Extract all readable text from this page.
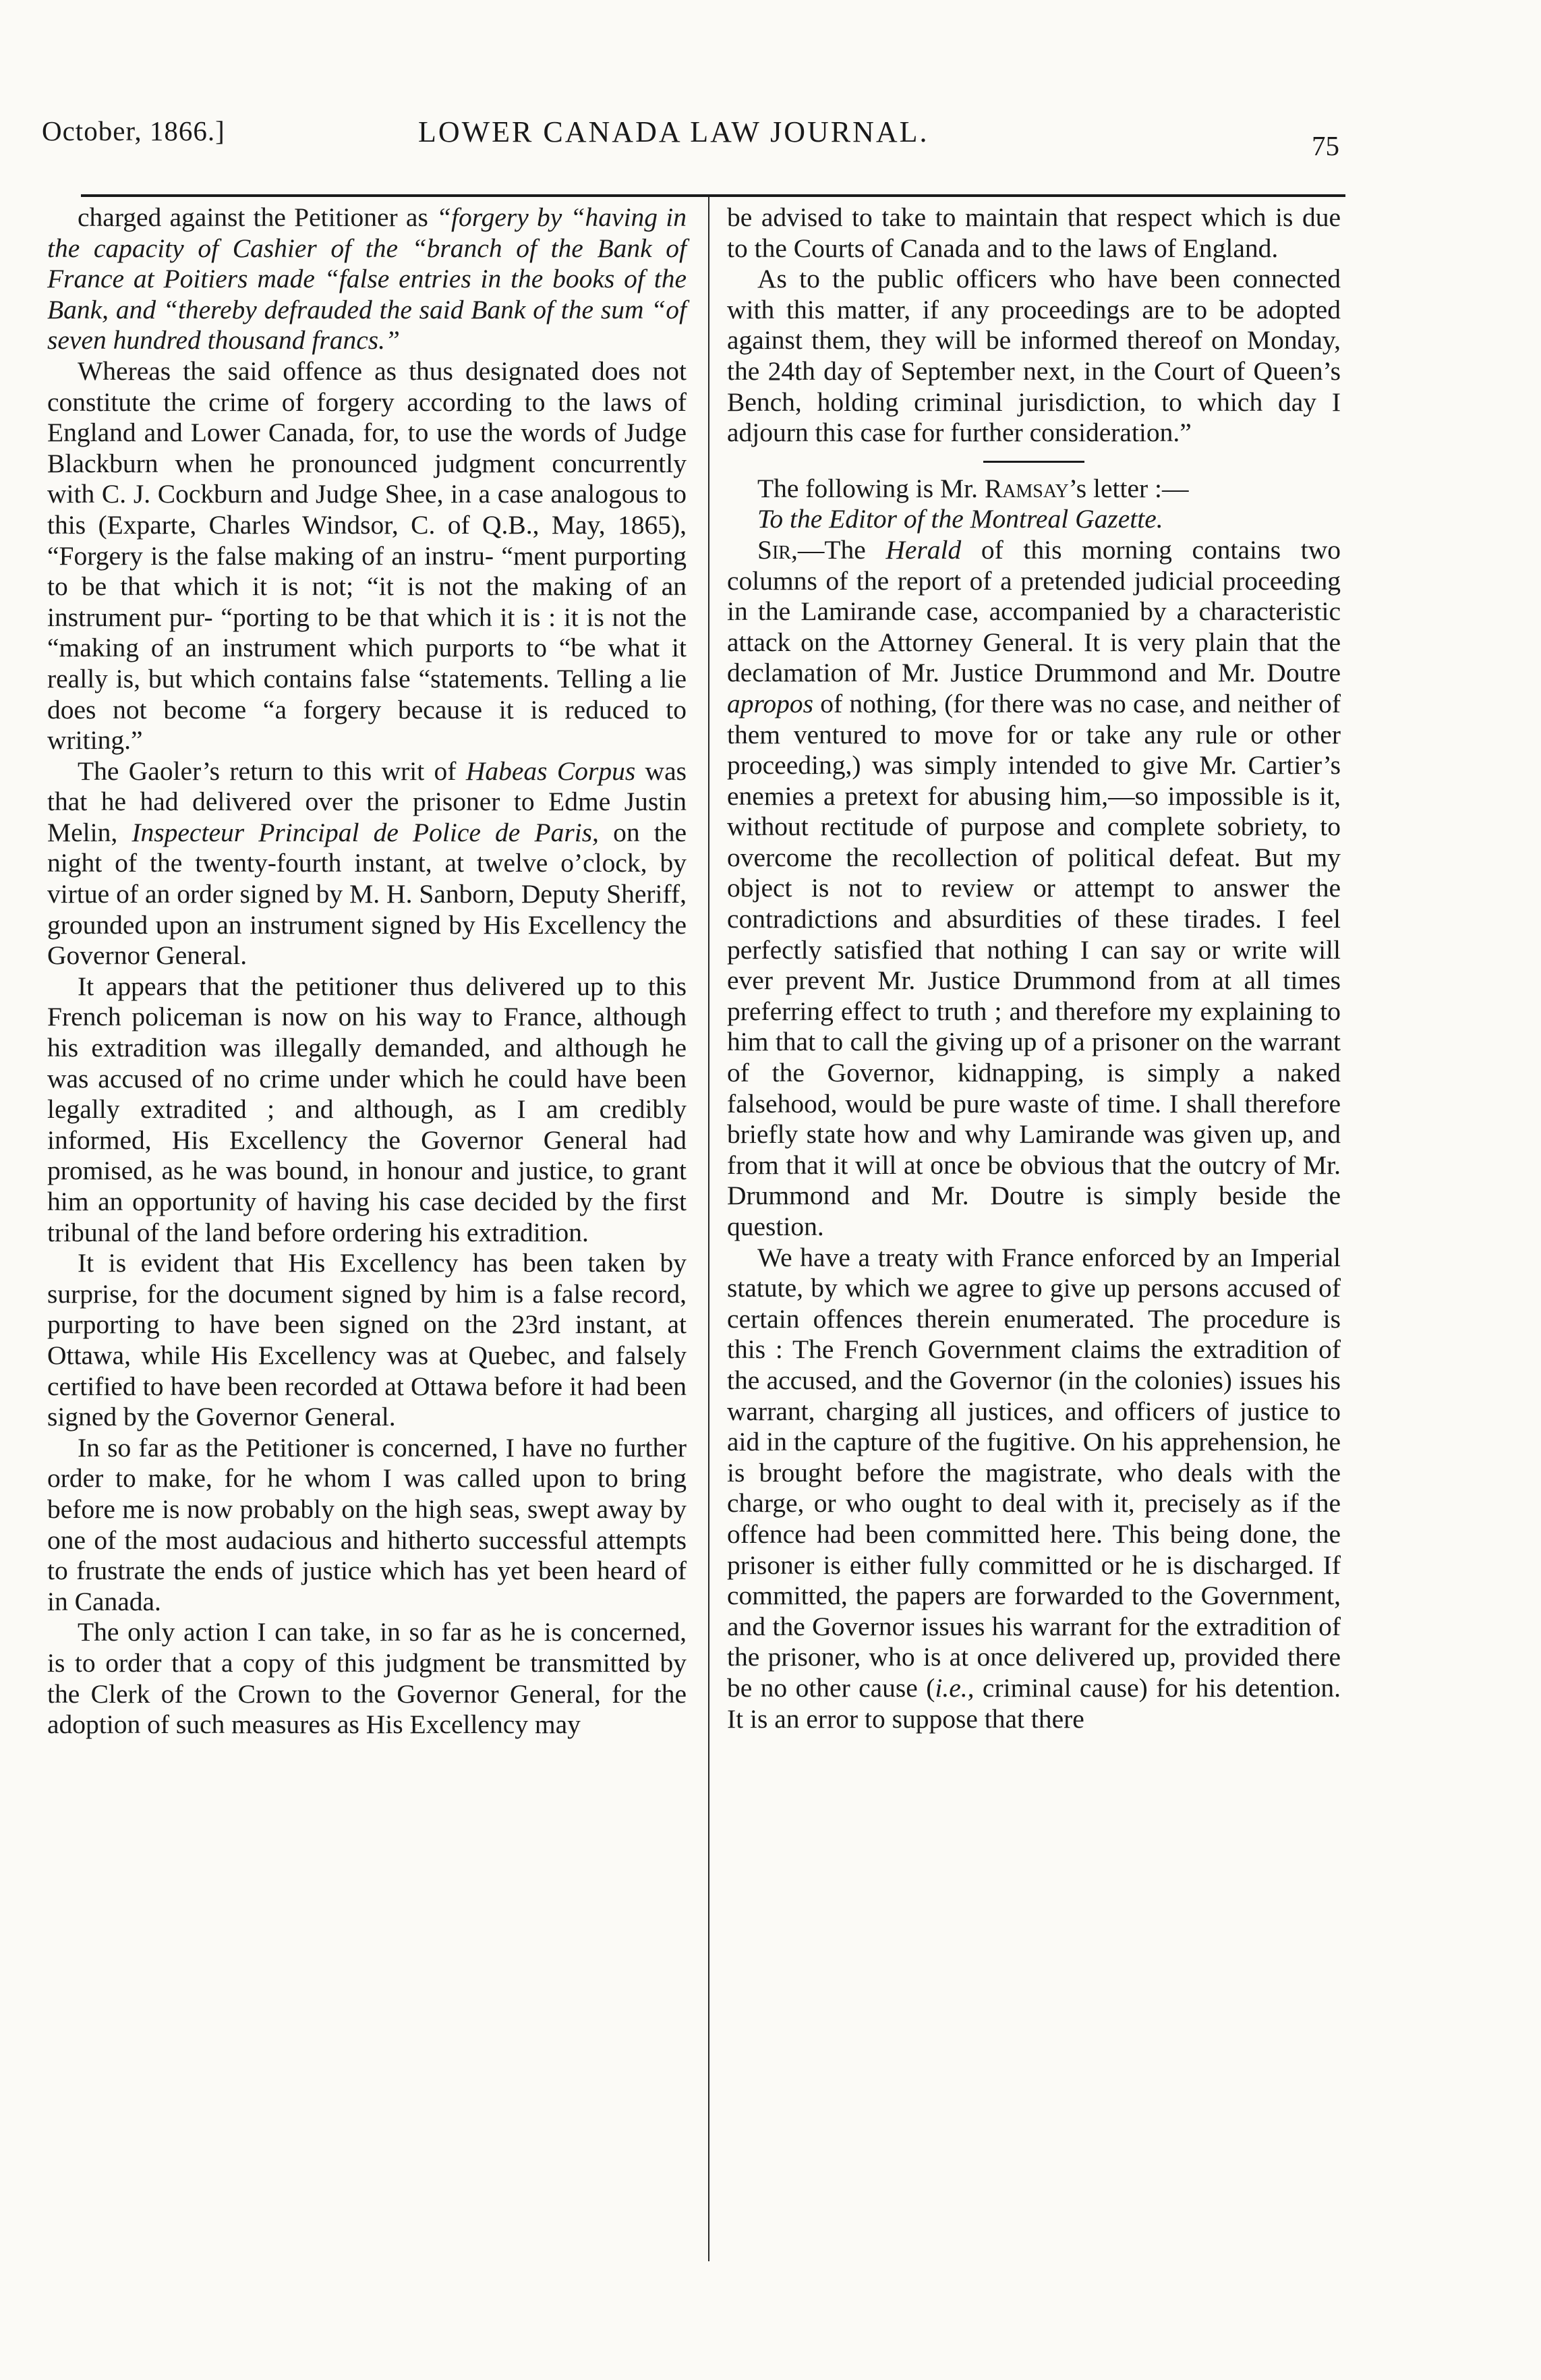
October, 1866.]	LOWER CANADA LAW JOURNAL.	75

charged against the Petitioner as “forgery by “having in the capacity of Cashier of the “branch of the Bank of France at Poitiers made “false entries in the books of the Bank, and “thereby defrauded the said Bank of the sum “of seven hundred thousand francs.”

Whereas the said offence as thus designated does not constitute the crime of forgery according to the laws of England and Lower Canada, for, to use the words of Judge Blackburn when he pronounced judgment concurrently with C. J. Cockburn and Judge Shee, in a case analogous to this (Exparte, Charles Windsor, C. of Q.B., May, 1865), “Forgery is the false making of an instru- “ment purporting to be that which it is not; “it is not the making of an instrument pur- “porting to be that which it is : it is not the “making of an instrument which purports to “be what it really is, but which contains false “statements. Telling a lie does not become “a forgery because it is reduced to writing.”

The Gaoler’s return to this writ of Habeas Corpus was that he had delivered over the prisoner to Edme Justin Melin, Inspecteur Principal de Police de Paris, on the night of the twenty-fourth instant, at twelve o’clock, by virtue of an order signed by M. H. Sanborn, Deputy Sheriff, grounded upon an instrument signed by His Excellency the Governor General.

It appears that the petitioner thus delivered up to this French policeman is now on his way to France, although his extradition was illegally demanded, and although he was accused of no crime under which he could have been legally extradited ; and although, as I am credibly informed, His Excellency the Governor General had promised, as he was bound, in honour and justice, to grant him an opportunity of having his case decided by the first tribunal of the land before ordering his extradition.

It is evident that His Excellency has been taken by surprise, for the document signed by him is a false record, purporting to have been signed on the 23rd instant, at Ottawa, while His Excellency was at Quebec, and falsely certified to have been recorded at Ottawa before it had been signed by the Governor General.

In so far as the Petitioner is concerned, I have no further order to make, for he whom I was called upon to bring before me is now probably on the high seas, swept away by one of the most audacious and hitherto successful attempts to frustrate the ends of justice which has yet been heard of in Canada.

The only action I can take, in so far as he is concerned, is to order that a copy of this judgment be transmitted by the Clerk of the Crown to the Governor General, for the adoption of such measures as His Excellency may

be advised to take to maintain that respect which is due to the Courts of Canada and to the laws of England.

As to the public officers who have been connected with this matter, if any proceedings are to be adopted against them, they will be informed thereof on Monday, the 24th day of September next, in the Court of Queen’s Bench, holding criminal jurisdiction, to which day I adjourn this case for further consideration.”

The following is Mr. Ramsay’s letter :—

To the Editor of the Montreal Gazette.

Sir,—The Herald of this morning contains two columns of the report of a pretended judicial proceeding in the Lamirande case, accompanied by a characteristic attack on the Attorney General. It is very plain that the declamation of Mr. Justice Drummond and Mr. Doutre apropos of nothing, (for there was no case, and neither of them ventured to move for or take any rule or other proceeding,) was simply intended to give Mr. Cartier’s enemies a pretext for abusing him,—so impossible is it, without rectitude of purpose and complete sobriety, to overcome the recollection of political defeat. But my object is not to review or attempt to answer the contradictions and absurdities of these tirades. I feel perfectly satisfied that nothing I can say or write will ever prevent Mr. Justice Drummond from at all times preferring effect to truth ; and therefore my explaining to him that to call the giving up of a prisoner on the warrant of the Governor, kidnapping, is simply a naked falsehood, would be pure waste of time. I shall therefore briefly state how and why Lamirande was given up, and from that it will at once be obvious that the outcry of Mr. Drummond and Mr. Doutre is simply beside the question.

We have a treaty with France enforced by an Imperial statute, by which we agree to give up persons accused of certain offences therein enumerated. The procedure is this : The French Government claims the extradition of the accused, and the Governor (in the colonies) issues his warrant, charging all justices, and officers of justice to aid in the capture of the fugitive. On his apprehension, he is brought before the magistrate, who deals with the charge, or who ought to deal with it, precisely as if the offence had been committed here. This being done, the prisoner is either fully committed or he is discharged. If committed, the papers are forwarded to the Government, and the Governor issues his warrant for the extradition of the prisoner, who is at once delivered up, provided there be no other cause (i.e., criminal cause) for his detention. It is an error to suppose that there
